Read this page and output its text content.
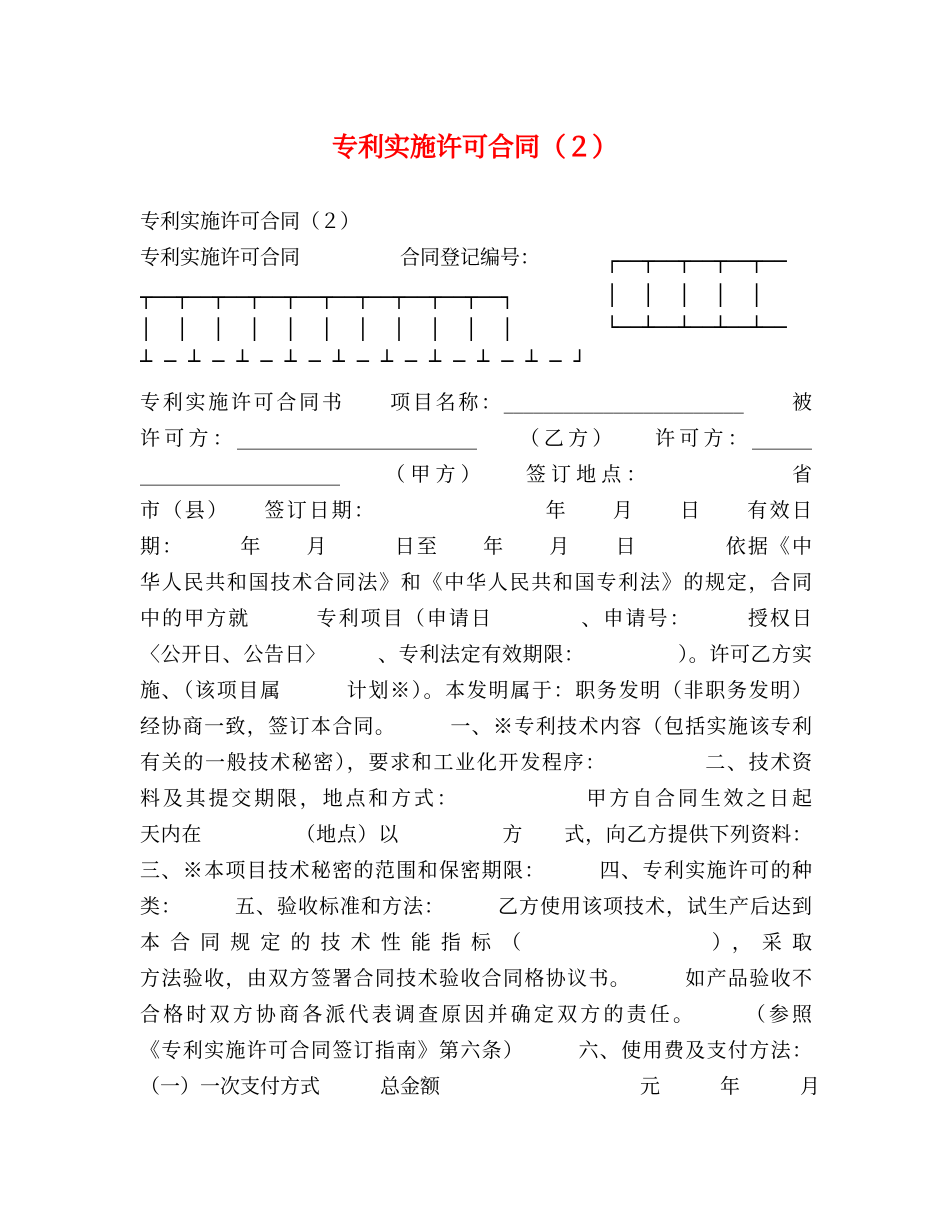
专利实施许可合同（２）
专利实施许可合同（２）
专利实施许可合同	合同登记编号：	┌──┬──┬──┬──┬──
┬──┬──┬──┬──┬──┬──┬──┬──┬──┬──┐	│  │  │  │  │
│  │  │  │  │  │  │  │  │  │  │	└──┴──┴──┴──┴──
┴ ─ ┴ ─ ┴ ─ ┴ ─ ┴ ─ ┴ ─ ┴ ─ ┴ ─ ┴ ─ ┘
专利实施许可合同书　　项目名称：________________________　　被
许可方：________________________　　（乙方）　　许可方：______
____________________　　（甲方）　　签订地点：　　　　　　省
市（县）　　签订日期：　　　　　　　　年　　月　　日　　有效日
期：　　　年　　月　　　日至　　年　　月　　日　　　　依据《中
华人民共和国技术合同法》和《中华人民共和国专利法》的规定，合同
中的甲方就　　　专利项目（申请日　　　　、申请号：　　　授权日
〈公开日、公告日〉　　　、专利法定有效期限：　　　　　）。许可乙方实
施、（该项目属　　　计划※）。本发明属于：职务发明（非职务发明）
经协商一致，签订本合同。　　　一、※专利技术内容（包括实施该专利
有关的一般技术秘密），要求和工业化开发程序：　　　　　二、技术资
料及其提交期限，地点和方式：　　　　　　甲方自合同生效之日起
天内在　　　　　（地点）以　　　　　方　　式，向乙方提供下列资料：
三、※本项目技术秘密的范围和保密期限：　　　四、专利实施许可的种
类：　　　五、验收标准和方法：　　　乙方使用该项技术，试生产后达到
本合同规定的技术性能指标（　　　　　　），采取
方法验收，由双方签署合同技术验收合同格协议书。　　　如产品验收不
合格时双方协商各派代表调查原因并确定双方的责任。　　　（参照
《专利实施许可合同签订指南》第六条）　　　六、使用费及支付方法：
（一）一次支付方式　　　总金额　　　　　　　　　　元　　　年　　　月
